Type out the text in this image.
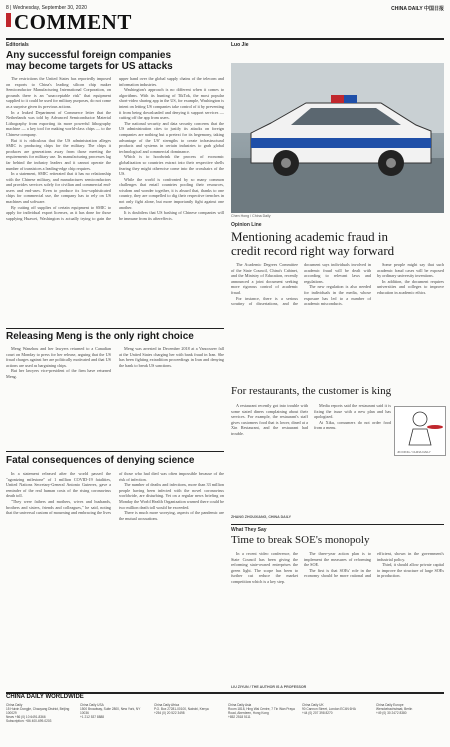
8 | Wednesday, September 30, 2020	CHINA DAILY 中国日报
COMMENT
Editorials
Any successful foreign companies
may become targets for US attacks

The restrictions the United States has reportedly imposed on exports to China's leading silicon chip maker Semiconductor Manufacturing International Corporation, on grounds there is an "unacceptable risk" that equipment supplied to it could be used for military purposes, do not come as a surprise given its previous actions.

In a leaked Department of Commerce letter that the Netherlands was told by Advanced Semiconductor Material Lithography from exporting its more powerful lithography machine — a key tool for making world-class chips — to the Chinese company.

But it is ridiculous that the US administration alleges SMIC is producing chips for the military. The chips it produces are generations away from those meeting the requirements for military use. Its manufacturing processes lag far behind the industry leaders and it cannot operate the number of transistors a leading-edge chip requires.

In a statement, SMIC reiterated that it has no relationship with the Chinese military, and manufactures semiconductors and provides services solely for civilian and commercial end-users and end-uses. Even to produce its low-sophisticated chips for commercial use, the company has to rely on US machines and software.

By cutting off supplies of certain equipment to SMIC to apply for individual export licenses, as it has done for those supplying Huawei, Washington is actually trying to gain the upper hand over the global supply chains of the telecom and information industries.

Washington's approach is no different when it comes to algorithms. With its hunting of TikTok, the most popular short-video sharing app in the US, for example, Washington is intent on letting US companies take control of it by preventing it from being downloaded and denying it support services — cutting off the app from users.

The national security and data security concerns that the US administration cites to justify its attacks on foreign companies are nothing but a pretext for its hegemony, taking advantage of the US' strengths to create infrastructural products and systems in certain industries to grab global technological and commercial dominance.

Which is to hoodwink the process of economic globalization so countries extract into their respective shells fearing they might otherwise come into the crosshairs of the US.

While the world is confronted by so many common challenges that entail countries pooling their resources, wisdom and wonder together, it is absurd that, thanks to one country, they are compelled to dig their respective trenches in not only fight alone, but more importantly fight against one another.

It is doubtless that US bashing of Chinese companies will be immune from its aftereffects.

Releasing Meng is the only right choice

Meng Wanzhou and her lawyers returned to a Canadian court on Monday to press for her release, arguing that the US fraud charges against her are politically motivated and that US actions are used as bargaining chips.

But her lawyers vice-president of the firm have returned Meng.

Meng was arrested in December 2018 at a Vancouver fall at the United States charging her with bank fraud in Iran. She has been fighting extradition proceedings in Iran and denying the bank to break US sanctions.

Fatal consequences of denying science

In a statement released after the world passed the "agonizing milestone" of 1 million COVID-19 fatalities, United Nations Secretary-General Antonio Guterres, gave a reminder of the real human costs of the rising coronavirus death toll.

"They were fathers and mothers, wives and husbands, brothers and sisters, friends and colleagues," he said, noting that the universal custom of mourning and embracing the lives of those who had died was often impossible because of the risk of infection.

The number of deaths and infections, more than 33 million people having been infected with the novel coronavirus worldwide, are disturbing. Yet on a regular news briefing on Monday the World Health Organization warned there could be two million death toll would be exceeded.

There is much more worrying, aspects of the pandemic are the mutual accusations.

Luo Jie
Chen Hong / China Daily
Opinion Line
Mentioning academic fraud in
credit record right way forward

The Academic Degrees Committee of the State Council, China's Cabinet, and the Ministry of Education, recently announced a joint document seeking more rigorous control of academic fraud.

For instance, there is a serious scrutiny of dissertations, and the document says individuals involved in academic fraud will be dealt with according to relevant laws and regulations.

The new regulation is also needed for individuals in the media, whose exposure has led to a number of academic misconducts.

Some people might say that such academic fraud cases will be exposed by ordinary university inventions.

In addition, the document requires universities and colleges to improve education in academic ethics.

For restaurants, the customer is king

A restaurant recently got into trouble with some stated diners complaining about their services. For example, the restaurant's staff gives customers food that is lower, dined at a Xin Restaurant, and the restaurant had trouble.

Media reports said the restaurant said it is fixing the issue with a new plan and has apologized.

At Xiku, consumers do not order food from a menu.

JIN DING / CHINA DAILY
ZHANG ZHOUXIANG, CHINA DAILY
What They Say
Time to break SOE's monopoly

In a recent video conference, the State Council has been giving the reforming state-owned enterprises the green light. The scope has been to further cut reduce the market competition which is a key step.

The three-year action plan is to implement the measures of reforming the SOE.

The first is that SOEs' role in the economy should be more rational and efficient, shown in the government's industrial policy.

Third, it should allow private capital to improve the structure of large SOEs in production.

LIU ZIYUN / THE AUTHOR IS A PROFESSOR
CHINA DAILY WORLDWIDE
China Daily
15 Huixin Dongjie, Chaoyang District, Beijing 100029
News +86 (0) 10 6491-8366
Subscription: +86 400-699-0203
China Daily USA
1500 Broadway, Suite 2800, New York, NY 10036
+1 212 537 8888
China Daily Africa
P.O. Box 27281-00100, Nairobi, Kenya
+254 (0) 20 522 3498
China Daily Asia
Room 1818, Hing Wai Centre, 7 Tin Wan Praya Road, Aberdeen, Hong Kong
+852 2518 5111
China Daily UK
90 Cannon Street, London EC4N 6HA
+44 (0) 207 398 8270
China Daily Europe
Wenckebachstraat, Berlin
+49 (0) 30 2472 8380
